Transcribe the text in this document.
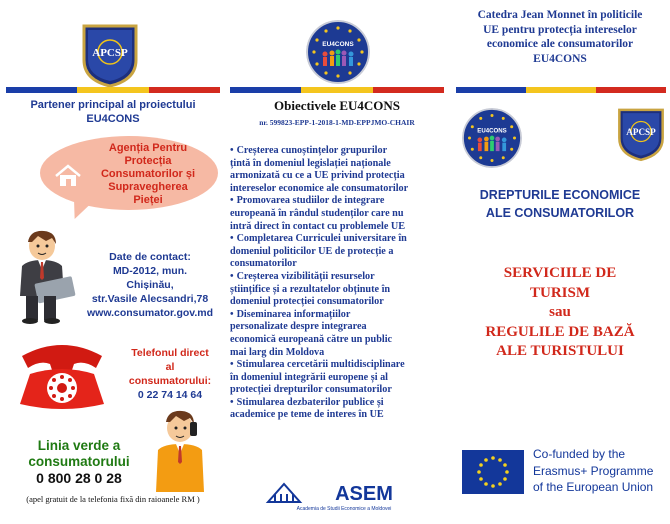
APCSP
Partener principal al proiectului
EU4CONS
Agenția Pentru
Protecția
Consumatorilor și
Supravegherea
Pieței
Date de contact:
MD-2012, mun.
Chișinău,
str.Vasile Alecsandri,78
www.consumator.gov.md
Telefonul direct
al
consumatorului:
0 22 74 14 64
Linia verde a
consumatorului
0 800 28 0 28
(apel gratuit de la telefonia fixă din raioanele RM )
EU4CONS
Obiectivele EU4CONS
nr. 599823-EPP-1-2018-1-MD-EPPJMO-CHAIR
• Creșterea cunoștințelor grupurilor
țintă în domeniul legislației naționale
armonizată cu ce a UE privind protecția
intereselor economice ale consumatorilor
• Promovarea studiilor de integrare
europeană în rândul studenților care nu
intră direct în contact cu problemele UE
• Completarea Curriculei universitare în
domeniul politicilor UE de protecție a
consumatorilor
• Creșterea vizibilității resurselor
științifice și a rezultatelor obținute în
domeniul protecției consumatorilor
• Diseminarea informațiilor
personalizate despre integrarea
economică europeană către un public
mai larg din Moldova
• Stimularea cercetării multidisciplinare
în domeniul integrării europene și al
protecției drepturilor consumatorilor
• Stimularea dezbaterilor publice și
academice pe teme de interes în UE
ASEM
Academia de Studii Economice a Moldovei
Catedra Jean Monnet în politicile
UE pentru protecția intereselor
economice ale consumatorilor
EU4CONS
EU4CONS	APCSP
DREPTURILE ECONOMICE
ALE CONSUMATORILOR
SERVICIILE DE
TURISM
sau
REGULILE DE BAZĂ
ALE TURISTULUI
Co-funded by the
Erasmus+ Programme
of the European Union
